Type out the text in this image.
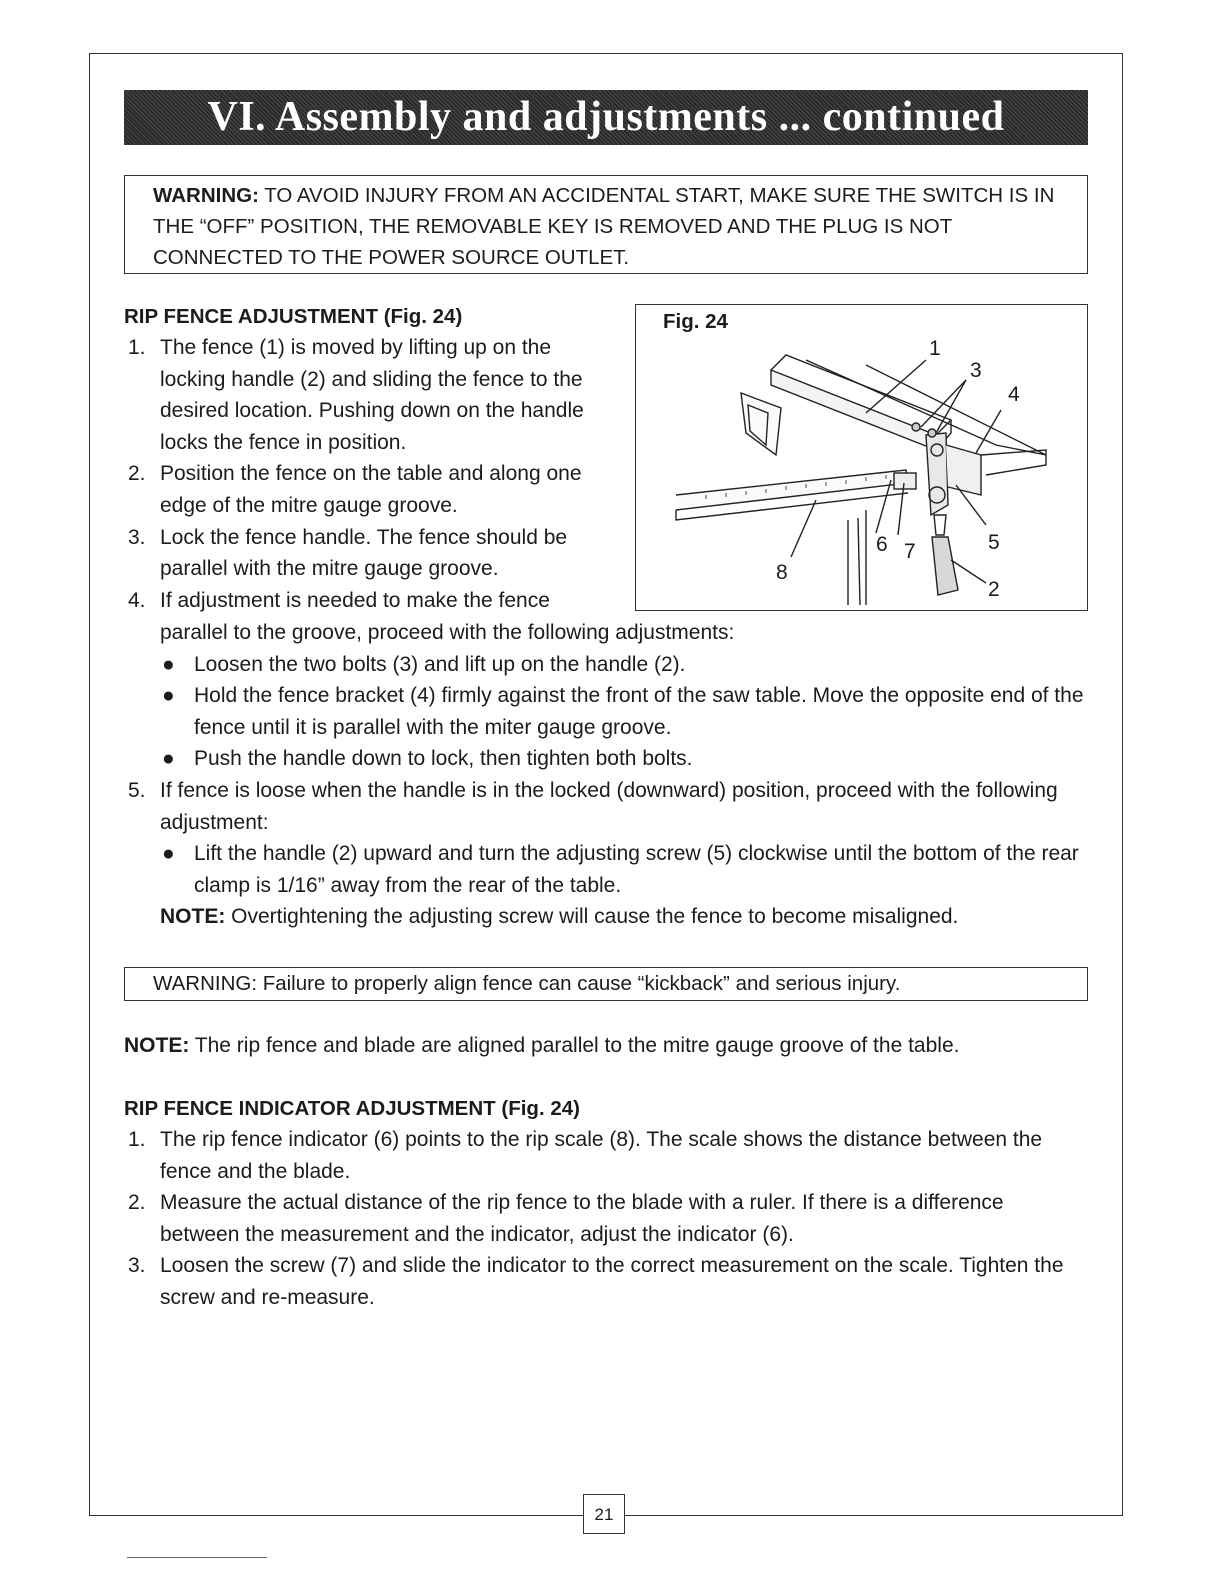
21
VI. Assembly and adjustments ... continued
WARNING: TO AVOID INJURY FROM AN ACCIDENTAL START, MAKE SURE THE SWITCH IS IN THE “OFF” POSITION, THE REMOVABLE KEY IS REMOVED AND THE PLUG IS NOT CONNECTED TO THE POWER SOURCE OUTLET.
RIP FENCE ADJUSTMENT (Fig. 24)
1. The fence (1) is moved by lifting up on the locking handle (2) and sliding the fence to the desired location. Pushing down on the handle locks the fence in position.
2. Position the fence on the table and along one edge of the mitre gauge groove.
3. Lock the fence handle. The fence should be parallel with the mitre gauge groove.
4. If adjustment is needed to make the fence
parallel to the groove, proceed with the following adjustments:
● Loosen the two bolts (3) and lift up on the handle (2).
● Hold the fence bracket (4) firmly against the front of the saw table. Move the opposite end of the fence until it is parallel with the miter gauge groove.
● Push the handle down to lock, then tighten both bolts.
5. If fence is loose when the handle is in the locked (downward) position, proceed with the following adjustment:
● Lift the handle (2) upward and turn the adjusting screw (5) clockwise until the bottom of the rear clamp is 1/16” away from the rear of the table.
NOTE: Overtightening the adjusting screw will cause the fence to become misaligned.
1
3
4
5
2
6 7
8
Fig. 24
WARNING: Failure to properly align fence can cause “kickback” and serious injury.
NOTE: The rip fence and blade are aligned parallel to the mitre gauge groove of the table.
RIP FENCE INDICATOR ADJUSTMENT (Fig. 24)
1. The rip fence indicator (6) points to the rip scale (8). The scale shows the distance between the fence and the blade.
2. Measure the actual distance of the rip fence to the blade with a ruler. If there is a difference between the measurement and the indicator, adjust the indicator (6).
3. Loosen the screw (7) and slide the indicator to the correct measurement on the scale. Tighten the screw and re-measure.
